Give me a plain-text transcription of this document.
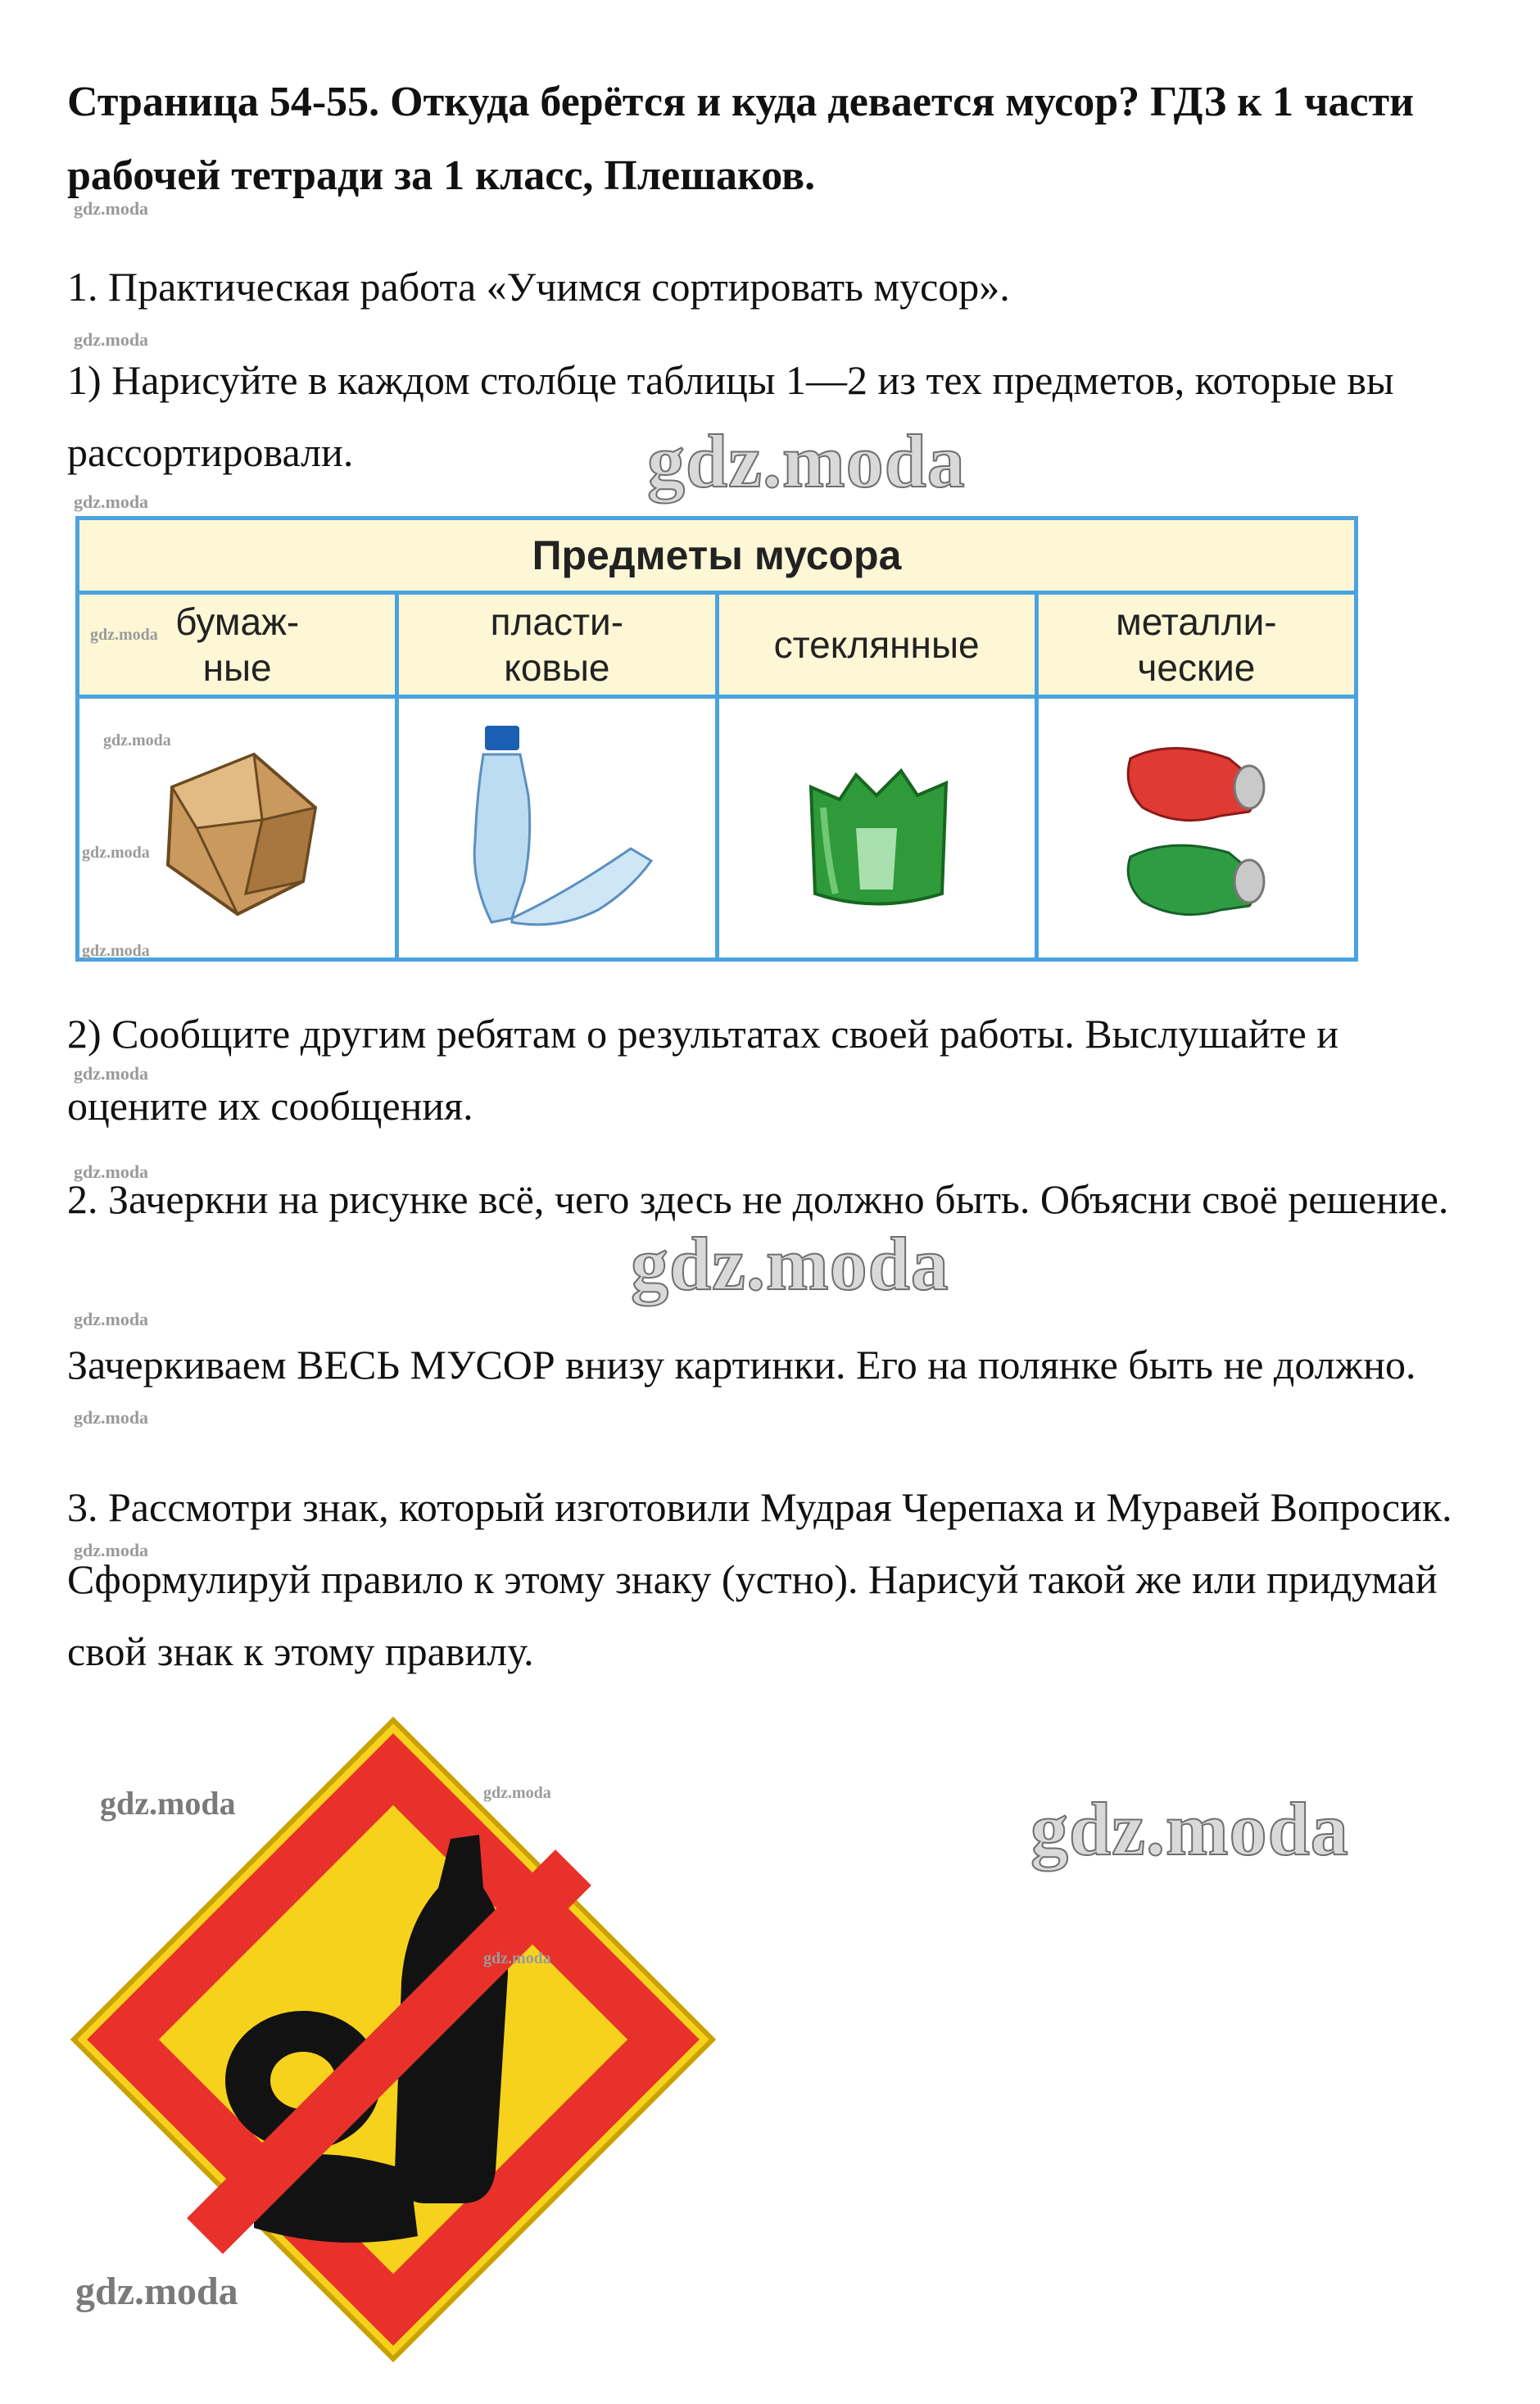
Страница 54-55. Откуда берётся и куда девается мусор? ГДЗ к 1 части рабочей тетради за 1 класс, Плешаков.
gdz.moda
1. Практическая работа «Учимся сортировать мусор».
gdz.moda
1) Нарисуйте в каждом столбце таблицы 1—2 из тех предметов, которые вы рассортировали.	gdz.moda
gdz.moda
Предметы мусора
бумаж-
ные
пласти-
ковые
стеклянные
металли-
ческие
gdz.moda
gdz.moda
gdz.moda
gdz.moda
2) Сообщите другим ребятам о результатах своей работы. Выслушайте и оцените их сообщения.
gdz.moda
2. Зачеркни на рисунке всё, чего здесь не должно быть. Объясни своё решение.
gdz.moda
gdz.moda
gdz.moda
Зачеркиваем ВЕСЬ МУСОР внизу картинки. Его на полянке быть не должно.
gdz.moda
3. Рассмотри знак, который изготовили Мудрая Черепаха и Муравей Вопросик. Сформулируй правило к этому знаку (устно). Нарисуй такой же или придумай свой знак к этому правилу.
gdz.moda
gdz.moda	gdz.moda
gdz.moda
gdz.moda
gdz.moda
